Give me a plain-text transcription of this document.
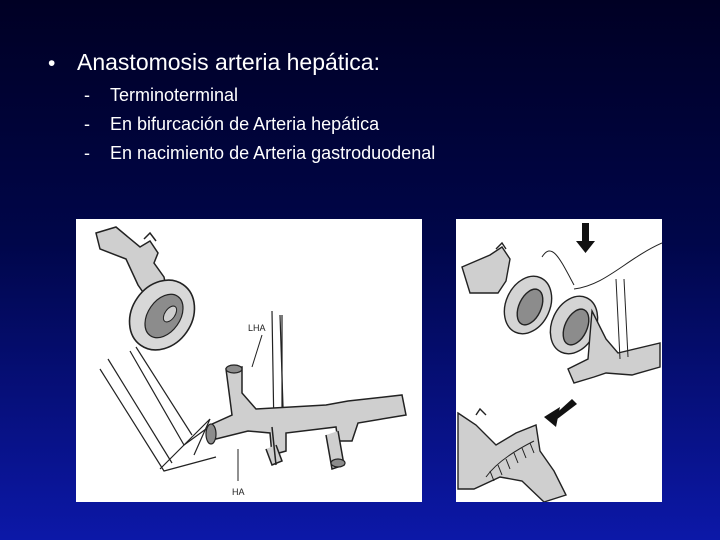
• Anastomosis arteria hepática:
-	Terminoterminal
-	En bifurcación de Arteria hepática
-	En nacimiento de Arteria gastroduodenal
LHA
HA
